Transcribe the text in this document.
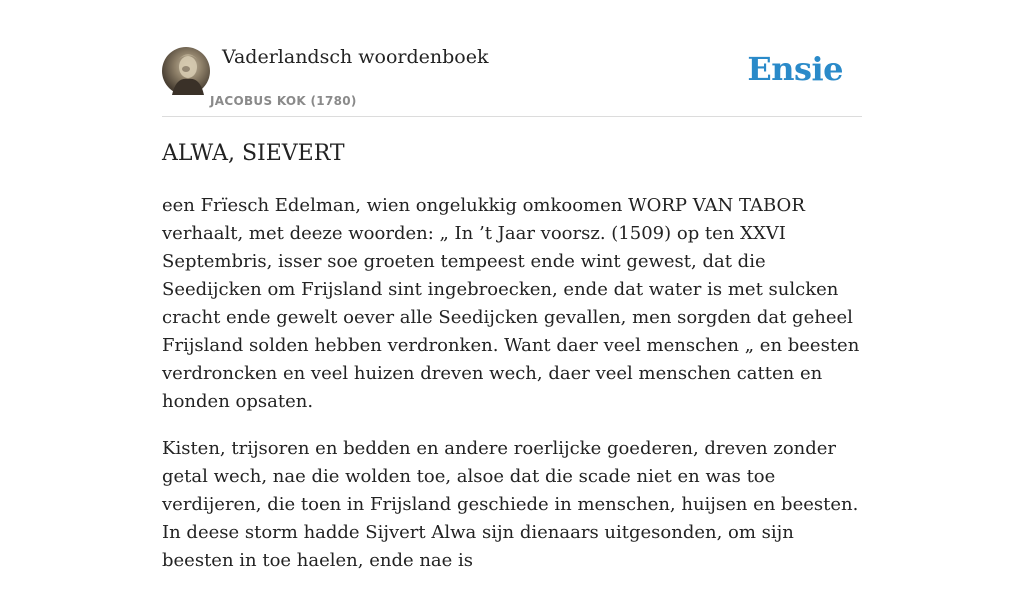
Vaderlandsch woordenboek
JACOBUS KOK (1780)
Ensie
ALWA, SIEVERT

een Frïesch Edelman, wien ongelukkig omkoomen WORP VAN TABOR verhaalt, met deeze woorden: „ In ’t Jaar voorsz. (1509) op ten XXVI Septembris, isser soe groeten tempeest ende wint gewest, dat die Seedijcken om Frijsland sint ingebroecken, ende dat water is met sulcken cracht ende gewelt oever alle Seedijcken gevallen, men sorgden dat geheel Frijsland solden hebben verdronken. Want daer veel menschen „ en beesten verdroncken en veel huizen dreven wech, daer veel menschen catten en honden opsaten.

Kisten, trijsoren en bedden en andere roerlijcke goederen, dreven zonder getal wech, nae die wolden toe, alsoe dat die scade niet en was toe verdijeren, die toen in Frijsland geschiede in menschen, huijsen en beesten. In deese storm hadde Sijvert Alwa sijn dienaars uitgesonden, om sijn beesten in toe haelen, ende nae is
